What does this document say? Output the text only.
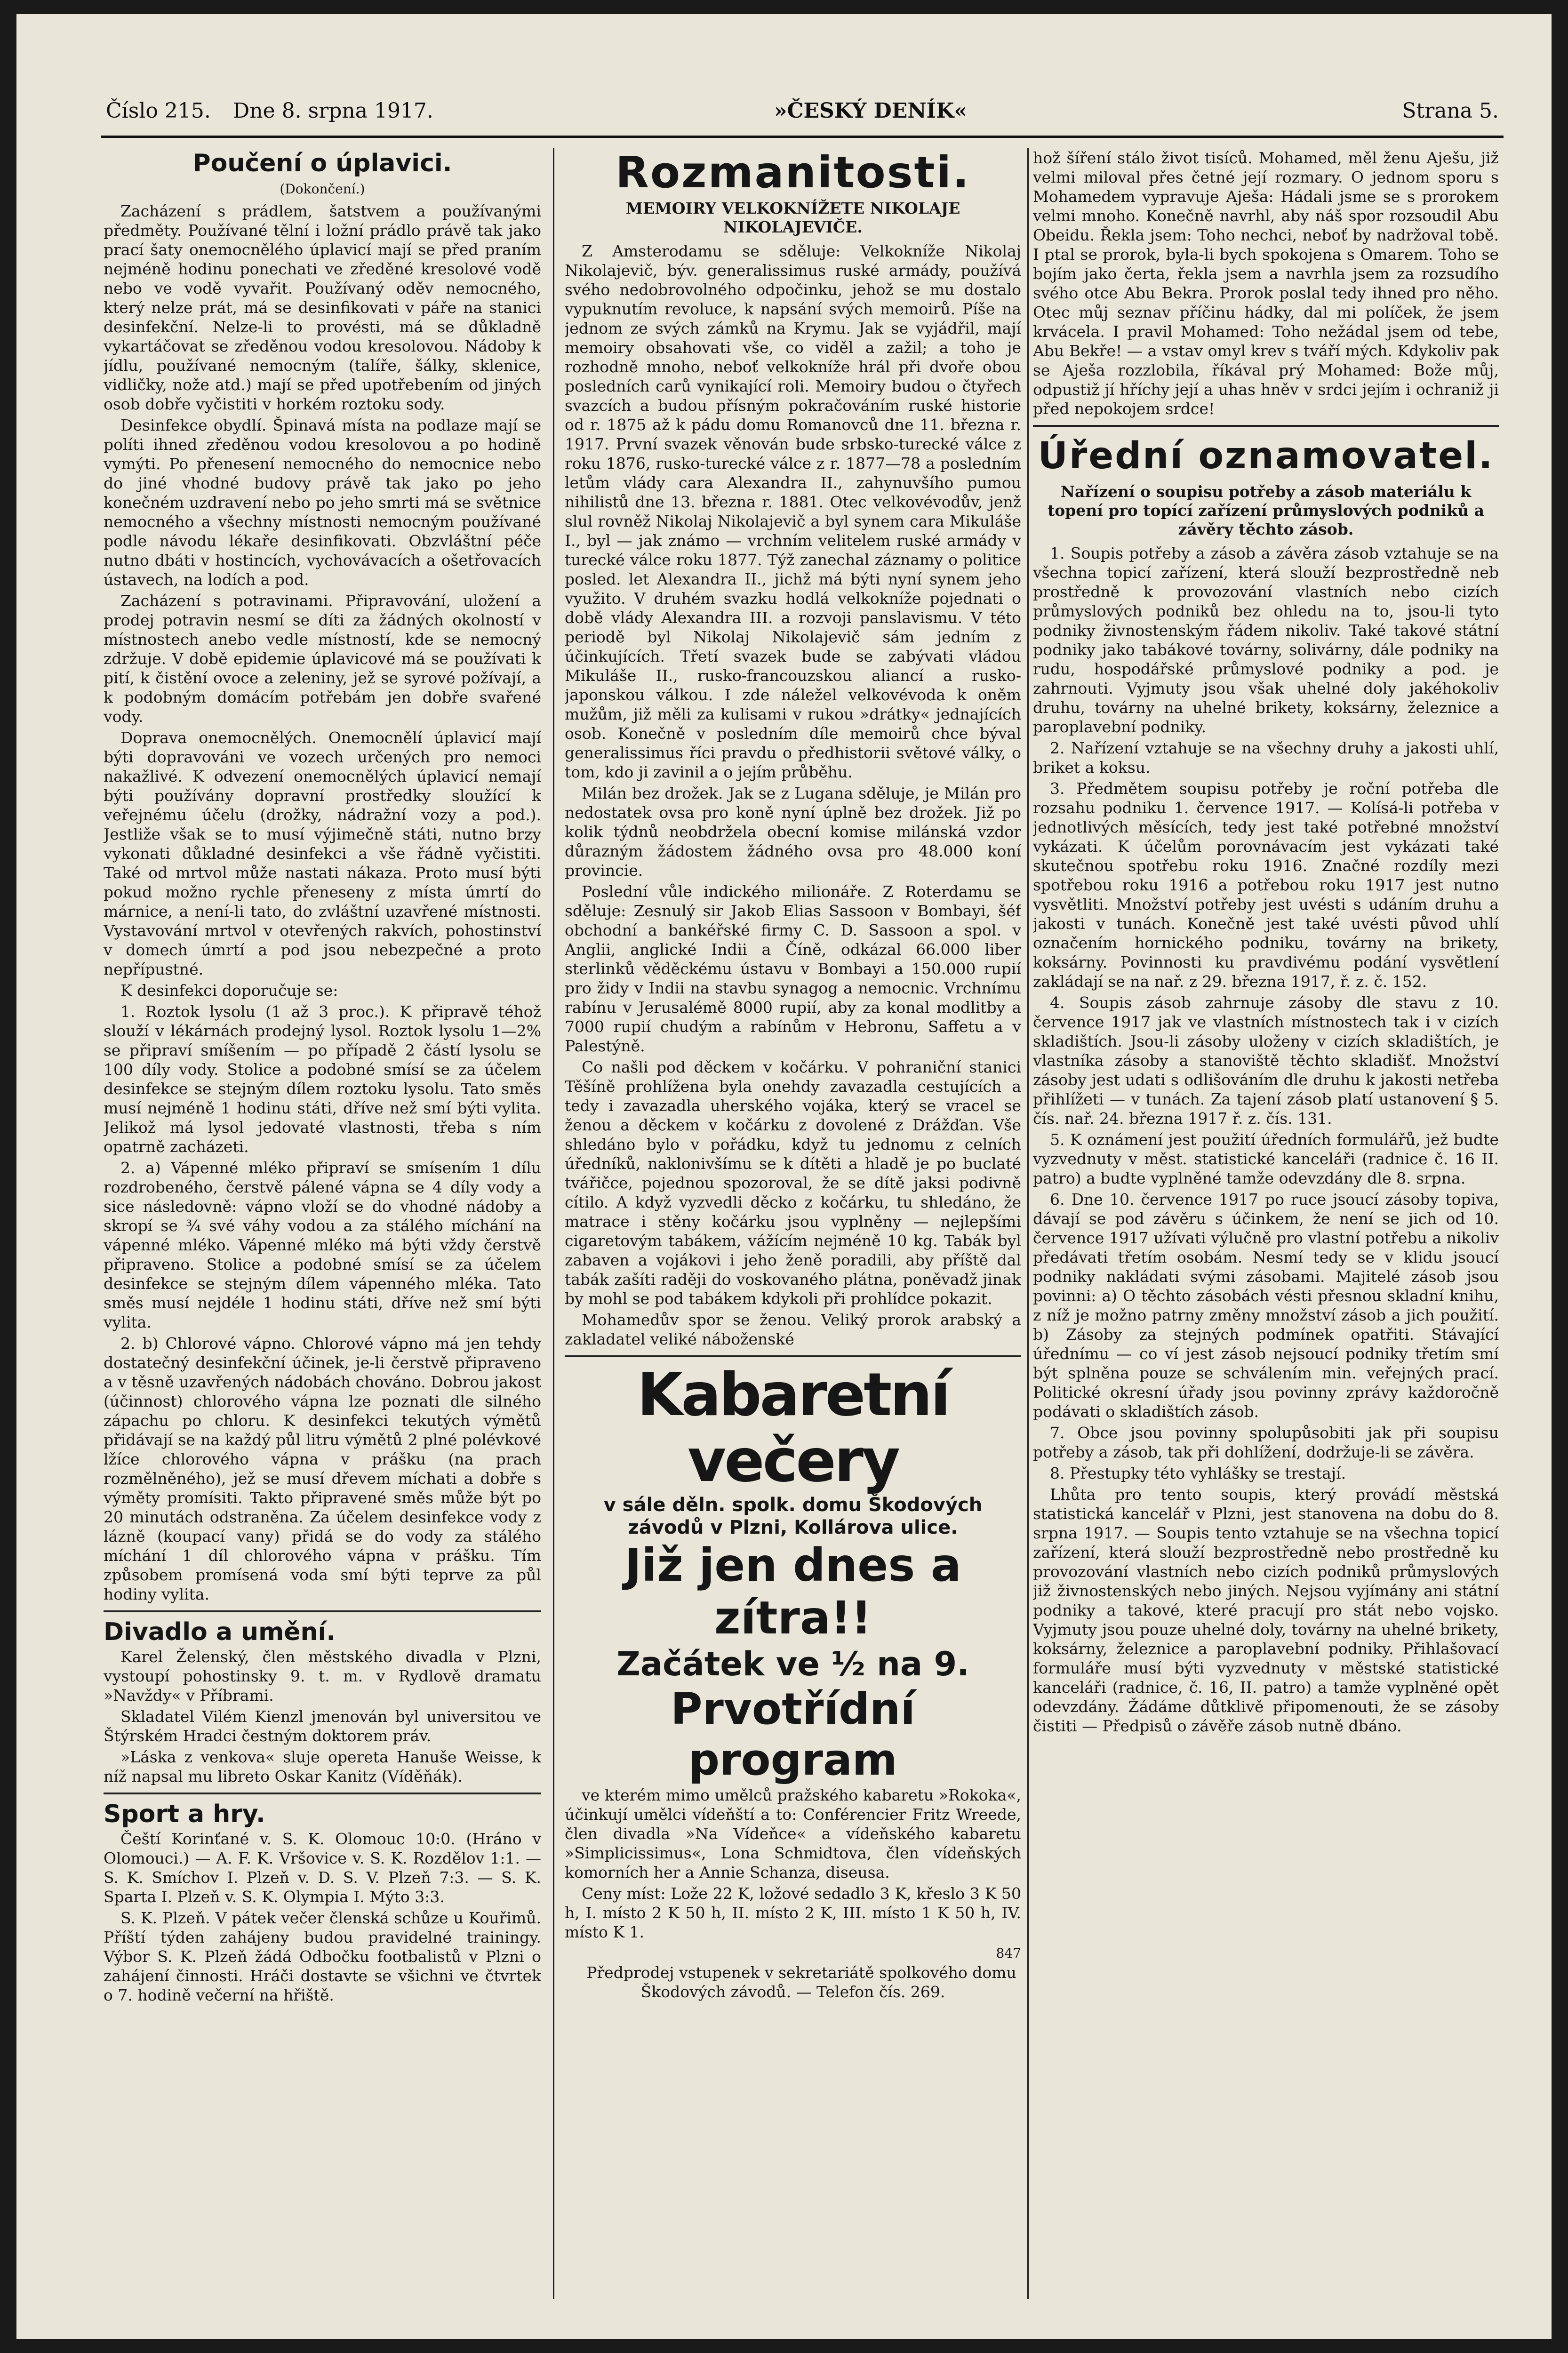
Číslo 215. Dne 8. srpna 1917.	»ČESKÝ DENÍK«	Strana 5.
Poučení o úplavici.
(Dokončení.)

Zacházení s prádlem, šatstvem a používanými předměty. Používané tělní i ložní prádlo právě tak jako prací šaty onemocnělého úplavicí mají se před praním nejméně hodinu ponechati ve zředěné kresolové vodě nebo ve vodě vyvařit. Používaný oděv nemocného, který nelze prát, má se desinfikovati v páře na stanici desinfekční. Nelze-li to provésti, má se důkladně vykartáčovat se zředěnou vodou kresolovou. Nádoby k jídlu, používané nemocným (talíře, šálky, sklenice, vidličky, nože atd.) mají se před upotřebením od jiných osob dobře vyčistiti v horkém roztoku sody.

Desinfekce obydlí. Špinavá místa na podlaze mají se políti ihned zředěnou vodou kresolovou a po hodině vymýti. Po přenesení nemocného do nemocnice nebo do jiné vhodné budovy právě tak jako po jeho konečném uzdravení nebo po jeho smrti má se světnice nemocného a všechny místnosti nemocným používané podle návodu lékaře desinfikovati. Obzvláštní péče nutno dbáti v hostincích, vychovávacích a ošetřovacích ústavech, na lodích a pod.

Zacházení s potravinami. Připravování, uložení a prodej potravin nesmí se díti za žádných okolností v místnostech anebo vedle místností, kde se nemocný zdržuje. V době epidemie úplavicové má se používati k pití, k čistění ovoce a zeleniny, jež se syrové požívají, a k podobným domácím potřebám jen dobře svařené vody.

Doprava onemocnělých. Onemocnělí úplavicí mají býti dopravováni ve vozech určených pro nemoci nakažlivé. K odvezení onemocnělých úplavicí nemají býti používány dopravní prostředky sloužící k veřejnému účelu (drožky, nádražní vozy a pod.). Jestliže však se to musí výjimečně státi, nutno brzy vykonati důkladné desinfekci a vše řádně vyčistiti. Také od mrtvol může nastati nákaza. Proto musí býti pokud možno rychle přeneseny z místa úmrtí do márnice, a není-li tato, do zvláštní uzavřené místnosti. Vystavování mrtvol v otevřených rakvích, pohostinství v domech úmrtí a pod jsou nebezpečné a proto nepřípustné.

K desinfekci doporučuje se:

1. Roztok lysolu (1 až 3 proc.). K připravě téhož slouží v lékárnách prodejný lysol. Roztok lysolu 1—2% se připraví smíšením — po případě 2 částí lysolu se 100 díly vody. Stolice a podobné smísí se za účelem desinfekce se stejným dílem roztoku lysolu. Tato směs musí nejméně 1 hodinu státi, dříve než smí býti vylita. Jelikož má lysol jedovaté vlastnosti, třeba s ním opatrně zacházeti.

2. a) Vápenné mléko připraví se smísením 1 dílu rozdrobeného, čerstvě pálené vápna se 4 díly vody a sice následovně: vápno vloží se do vhodné nádoby a skropí se ¾ své váhy vodou a za stálého míchání na vápenné mléko. Vápenné mléko má býti vždy čerstvě připraveno. Stolice a podobné smísí se za účelem desinfekce se stejným dílem vápenného mléka. Tato směs musí nejdéle 1 hodinu státi, dříve než smí býti vylita.

2. b) Chlorové vápno. Chlorové vápno má jen tehdy dostatečný desinfekční účinek, je-li čerstvě připraveno a v těsně uzavřených nádobách chováno. Dobrou jakost (účinnost) chlorového vápna lze poznati dle silného zápachu po chloru. K desinfekci tekutých výmětů přidávají se na každý půl litru výmětů 2 plné polévkové lžíce chlorového vápna v prášku (na prach rozmělněného), jež se musí dřevem míchati a dobře s výměty promísiti. Takto připravené směs může být po 20 minutách odstraněna. Za účelem desinfekce vody z lázně (koupací vany) přidá se do vody za stálého míchání 1 díl chlorového vápna v prášku. Tím způsobem promísená voda smí býti teprve za půl hodiny vylita.

Divadlo a umění.

Karel Želenský, člen městského divadla v Plzni, vystoupí pohostinsky 9. t. m. v Rydlově dramatu »Navždy« v Příbrami.

Skladatel Vilém Kienzl jmenován byl universitou ve Štýrském Hradci čestným doktorem práv.

»Láska z venkova« sluje opereta Hanuše Weisse, k níž napsal mu libreto Oskar Kanitz (Víděňák).

Sport a hry.

Čeští Korinťané v. S. K. Olomouc 10:0. (Hráno v Olomouci.) — A. F. K. Vršovice v. S. K. Rozdělov 1:1. — S. K. Smíchov I. Plzeň v. D. S. V. Plzeň 7:3. — S. K. Sparta I. Plzeň v. S. K. Olympia I. Mýto 3:3.

S. K. Plzeň. V pátek večer členská schůze u Kouřimů. Příští týden zahájeny budou pravidelné trainingy. Výbor S. K. Plzeň žádá Odbočku footbalistů v Plzni o zahájení činnosti. Hráči dostavte se všichni ve čtvrtek o 7. hodině večerní na hřiště.

Rozmanitosti.
MEMOIRY VELKOKNÍŽETE NIKOLAJE NIKOLAJEVIČE.

Z Amsterodamu se sděluje: Velkokníže Nikolaj Nikolajevič, býv. generalissimus ruské armády, používá svého nedobrovolného odpočinku, jehož se mu dostalo vypuknutím revoluce, k napsání svých memoirů. Píše na jednom ze svých zámků na Krymu. Jak se vyjádřil, mají memoiry obsahovati vše, co viděl a zažil; a toho je rozhodně mnoho, neboť velkokníže hrál při dvoře obou posledních carů vynikající roli. Memoiry budou o čtyřech svazcích a budou přísným pokračováním ruské historie od r. 1875 až k pádu domu Romanovců dne 11. března r. 1917. První svazek věnován bude srbsko-turecké válce z roku 1876, rusko-turecké válce z r. 1877—78 a posledním letům vlády cara Alexandra II., zahynuvšího pumou nihilistů dne 13. března r. 1881. Otec velkovévodův, jenž slul rovněž Nikolaj Nikolajevič a byl synem cara Mikuláše I., byl — jak známo — vrchním velitelem ruské armády v turecké válce roku 1877. Týž zanechal záznamy o politice posled. let Alexandra II., jichž má býti nyní synem jeho využito. V druhém svazku hodlá velkokníže pojednati o době vlády Alexandra III. a rozvoji panslavismu. V této periodě byl Nikolaj Nikolajevič sám jedním z účinkujících. Třetí svazek bude se zabývati vládou Mikuláše II., rusko-francouzskou aliancí a rusko-japonskou válkou. I zde náležel velkovévoda k oněm mužům, již měli za kulisami v rukou »drátky« jednajících osob. Konečně v posledním díle memoirů chce býval generalissimus říci pravdu o předhistorii světové války, o tom, kdo ji zavinil a o jejím průběhu.

Milán bez drožek. Jak se z Lugana sděluje, je Milán pro nedostatek ovsa pro koně nyní úplně bez drožek. Již po kolik týdnů neobdržela obecní komise milánská vzdor důrazným žádostem žádného ovsa pro 48.000 koní provincie.

Poslední vůle indického milionáře. Z Roterdamu se sděluje: Zesnulý sir Jakob Elias Sassoon v Bombayi, šéf obchodní a bankéřské firmy C. D. Sassoon a spol. v Anglii, anglické Indii a Číně, odkázal 66.000 liber sterlinků věděckému ústavu v Bombayi a 150.000 rupií pro židy v Indii na stavbu synagog a nemocnic. Vrchnímu rabínu v Jerusalémě 8000 rupií, aby za konal modlitby a 7000 rupií chudým a rabínům v Hebronu, Saffetu a v Palestýně.

Co našli pod děckem v kočárku. V pohraniční stanici Těšíně prohlížena byla onehdy zavazadla cestujících a tedy i zavazadla uherského vojáka, který se vracel se ženou a děckem v kočárku z dovolené z Drážďan. Vše shledáno bylo v pořádku, když tu jednomu z celních úředníků, naklonivšímu se k dítěti a hladě je po buclaté tvářičce, pojednou spozoroval, že se dítě jaksi podivně cítilo. A když vyzvedli děcko z kočárku, tu shledáno, že matrace i stěny kočárku jsou vyplněny — nejlepšími cigaretovým tabákem, vážícím nejméně 10 kg. Tabák byl zabaven a vojákovi i jeho ženě poradili, aby příště dal tabák zašíti raději do voskovaného plátna, poněvadž jinak by mohl se pod tabákem kdykoli při prohlídce pokazit.

Mohamedův spor se ženou. Veliký prorok arabský a zakladatel veliké náboženské

Kabaretní večery
v sále děln. spolk. domu Škodových závodů v Plzni, Kollárova ulice.
Již jen dnes a zítra!!
Začátek ve ½ na 9.
Prvotřídní program

ve kterém mimo umělců pražského kabaretu »Rokoka«, účinkují umělci vídeňští a to: Conférencier Fritz Wreede, člen divadla »Na Vídeňce« a vídeňského kabaretu »Simplicissimus«, Lona Schmidtova, člen vídeňských komorních her a Annie Schanza, diseusa.

Ceny míst: Lože 22 K, ložové sedadlo 3 K, křeslo 3 K 50 h, I. místo 2 K 50 h, II. místo 2 K, III. místo 1 K 50 h, IV. místo K 1.

847

Předprodej vstupenek v sekretariátě spolkového domu Škodových závodů. — Telefon čís. 269.

hož šíření stálo život tisíců. Mohamed, měl ženu Aješu, již velmi miloval přes četné její rozmary. O jednom sporu s Mohamedem vypravuje Aješa: Hádali jsme se s prorokem velmi mnoho. Konečně navrhl, aby náš spor rozsoudil Abu Obeidu. Řekla jsem: Toho nechci, neboť by nadržoval tobě. I ptal se prorok, byla-li bych spokojena s Omarem. Toho se bojím jako čerta, řekla jsem a navrhla jsem za rozsudího svého otce Abu Bekra. Prorok poslal tedy ihned pro něho. Otec můj seznav příčinu hádky, dal mi políček, že jsem krvácela. I pravil Mohamed: Toho nežádal jsem od tebe, Abu Bekře! — a vstav omyl krev s tváří mých. Kdykoliv pak se Aješa rozzlobila, říkával prý Mohamed: Bože můj, odpustiž jí hříchy její a uhas hněv v srdci jejím i ochraniž ji před nepokojem srdce!

Úřední oznamovatel.
Nařízení o soupisu potřeby a zásob materiálu k topení pro topící zařízení průmyslových podniků a závěry těchto zásob.

1. Soupis potřeby a zásob a závěra zásob vztahuje se na všechna topicí zařízení, která slouží bezprostředně neb prostředně k provozování vlastních nebo cizích průmyslových podniků bez ohledu na to, jsou-li tyto podniky živnostenským řádem nikoliv. Také takové státní podniky jako tabákové továrny, solivárny, dále podniky na rudu, hospodářské průmyslové podniky a pod. je zahrnouti. Vyjmuty jsou však uhelné doly jakéhokoliv druhu, továrny na uhelné brikety, koksárny, železnice a paroplavební podniky.

2. Nařízení vztahuje se na všechny druhy a jakosti uhlí, briket a koksu.

3. Předmětem soupisu potřeby je roční potřeba dle rozsahu podniku 1. července 1917. — Kolísá-li potřeba v jednotlivých měsících, tedy jest také potřebné množství vykázati. K účelům porovnávacím jest vykázati také skutečnou spotřebu roku 1916. Značné rozdíly mezi spotřebou roku 1916 a potřebou roku 1917 jest nutno vysvětliti. Množství potřeby jest uvésti s udáním druhu a jakosti v tunách. Konečně jest také uvésti původ uhlí označením hornického podniku, továrny na brikety, koksárny. Povinnosti ku pravdivému podání vysvětlení zakládají se na nař. z 29. března 1917, ř. z. č. 152.

4. Soupis zásob zahrnuje zásoby dle stavu z 10. července 1917 jak ve vlastních místnostech tak i v cizích skladištích. Jsou-li zásoby uloženy v cizích skladištích, je vlastníka zásoby a stanoviště těchto skladišť. Množství zásoby jest udati s odlišováním dle druhu k jakosti netřeba přihlížeti — v tunách. Za tajení zásob platí ustanovení § 5. čís. nař. 24. března 1917 ř. z. čís. 131.

5. K oznámení jest použití úředních formulářů, jež budte vyzvednuty v měst. statistické kanceláři (radnice č. 16 II. patro) a budte vyplněné tamže odevzdány dle 8. srpna.

6. Dne 10. července 1917 po ruce jsoucí zásoby topiva, dávají se pod závěru s účinkem, že není se jich od 10. července 1917 užívati výlučně pro vlastní potřebu a nikoliv předávati třetím osobám. Nesmí tedy se v klidu jsoucí podniky nakládati svými zásobami. Majitelé zásob jsou povinni: a) O těchto zásobách vésti přesnou skladní knihu, z níž je možno patrny změny množství zásob a jich použití. b) Zásoby za stejných podmínek opatřiti. Stávající úřednímu — co ví jest zásob nejsoucí podniky třetím smí být splněna pouze se schválením min. veřejných prací. Politické okresní úřady jsou povinny zprávy každoročně podávati o skladištích zásob.

7. Obce jsou povinny spolupůsobiti jak při soupisu potřeby a zásob, tak při dohlížení, dodržuje-li se závěra.

8. Přestupky této vyhlášky se trestají.

Lhůta pro tento soupis, který provádí městská statistická kancelář v Plzni, jest stanovena na dobu do 8. srpna 1917. — Soupis tento vztahuje se na všechna topicí zařízení, která slouží bezprostředně nebo prostředně ku provozování vlastních nebo cizích podniků průmyslových již živnostenských nebo jiných. Nejsou vyjímány ani státní podniky a takové, které pracují pro stát nebo vojsko. Vyjmuty jsou pouze uhelné doly, továrny na uhelné brikety, koksárny, železnice a paroplavební podniky. Přihlašovací formuláře musí býti vyzvednuty v městské statistické kanceláři (radnice, č. 16, II. patro) a tamže vyplněné opět odevzdány. Žádáme důtklivě připomenouti, že se zásoby čistiti — Předpisů o závěře zásob nutně dbáno.
